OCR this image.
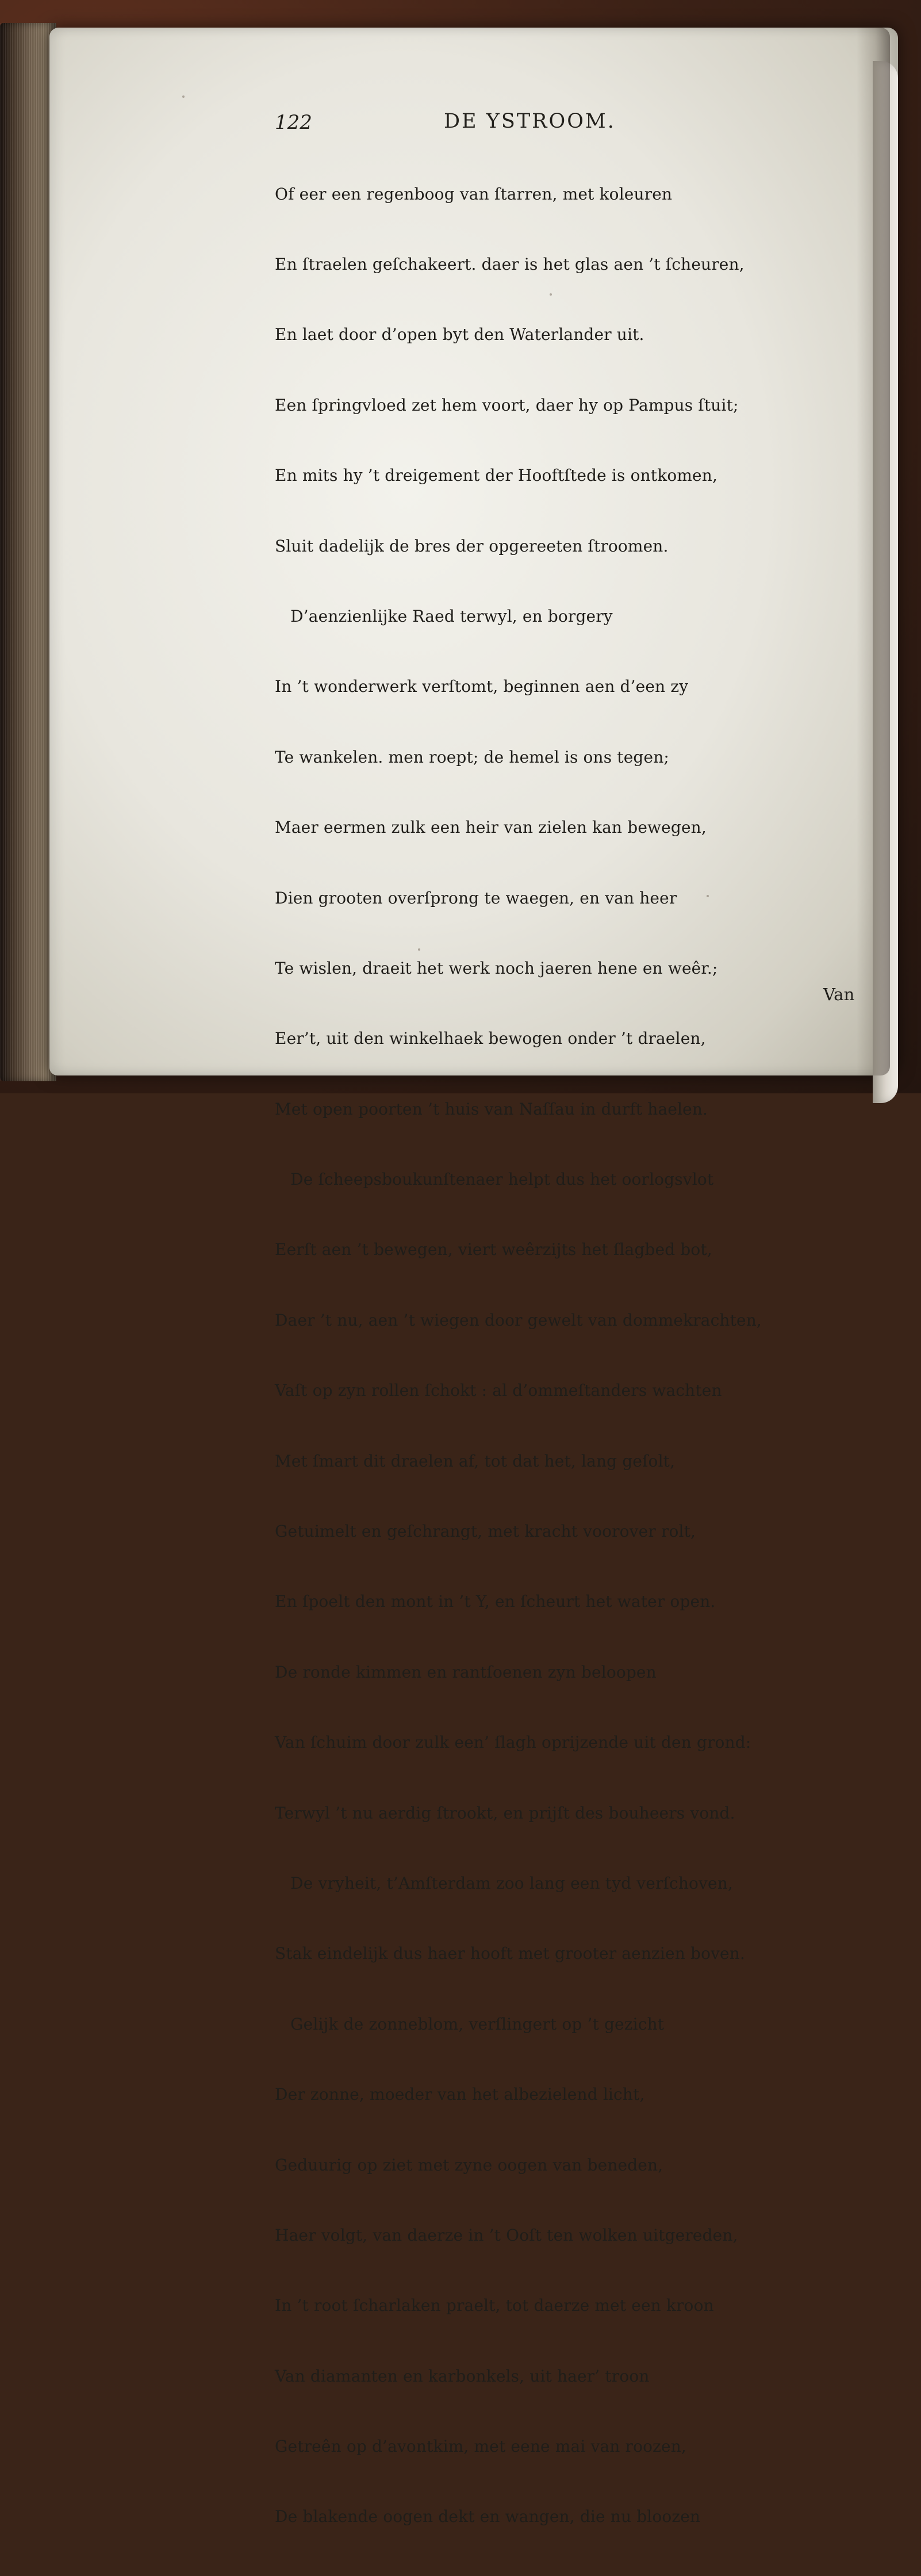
122	DE YSTROOM.

Of eer een regenboog van ſtarren, met koleuren

En ſtraelen geſchakeert. daer is het glas aen ’t ſcheuren,

En laet door d’open byt den Waterlander uit.

Een ſpringvloed zet hem voort, daer hy op Pampus ſtuit;

En mits hy ’t dreigement der Hooftſtede is ontkomen,

Sluit dadelijk de bres der opgereeten ſtroomen.

D’aenzienlijke Raed terwyl, en borgery

In ’t wonderwerk verſtomt, beginnen aen d’een zy

Te wankelen. men roept; de hemel is ons tegen;

Maer eermen zulk een heir van zielen kan bewegen,

Dien grooten overſprong te waegen, en van heer

Te wislen, draeit het werk noch jaeren hene en weêr.;

Eer’t, uit den winkelhaek bewogen onder ’t draelen,

Met open poorten ’t huis van Naſſau in durft haelen.

De ſcheepsboukunſtenaer helpt dus het oorlogsvlot

Eerſt aen ’t bewegen, viert weêrzijts het ſlagbed bot,

Daer ’t nu, aen ’t wiegen door gewelt van dommekrachten,

Vaſt op zyn rollen ſchokt : al d’ommeſtanders wachten

Met ſmart dit draelen af, tot dat het, lang geſolt,

Getuimelt en geſchrangt, met kracht voorover rolt,

En ſpoelt den mont in ’t Y, en ſcheurt het water open.

De ronde kimmen en rantſoenen zyn beloopen

Van ſchuim door zulk een’ ſlagh oprijzende uit den grond:

Terwyl ’t nu aerdig ſtrookt, en prijſt des bouheers vond.

De vryheit, t’Amſterdam zoo lang een tyd verſchoven,

Stak eindelijk dus haer hooft met grooter aenzien boven.

Gelijk de zonneblom, verſlingert op ’t gezicht

Der zonne, moeder van het albezielend licht,

Geduurig op ziet met zyne oogen van beneden,

Haer volgt, van daerze in ’t Ooſt ten wolken uitgereden,

In ’t root ſcharlaken praelt, tot daerze met een kroon

Van diamanten en karbonkels, uit haer’ troon

Getreên op d’avontkim, met eene mai van roozen,

De blakende oogen dekt en wangen, die nu bloozen

Van
